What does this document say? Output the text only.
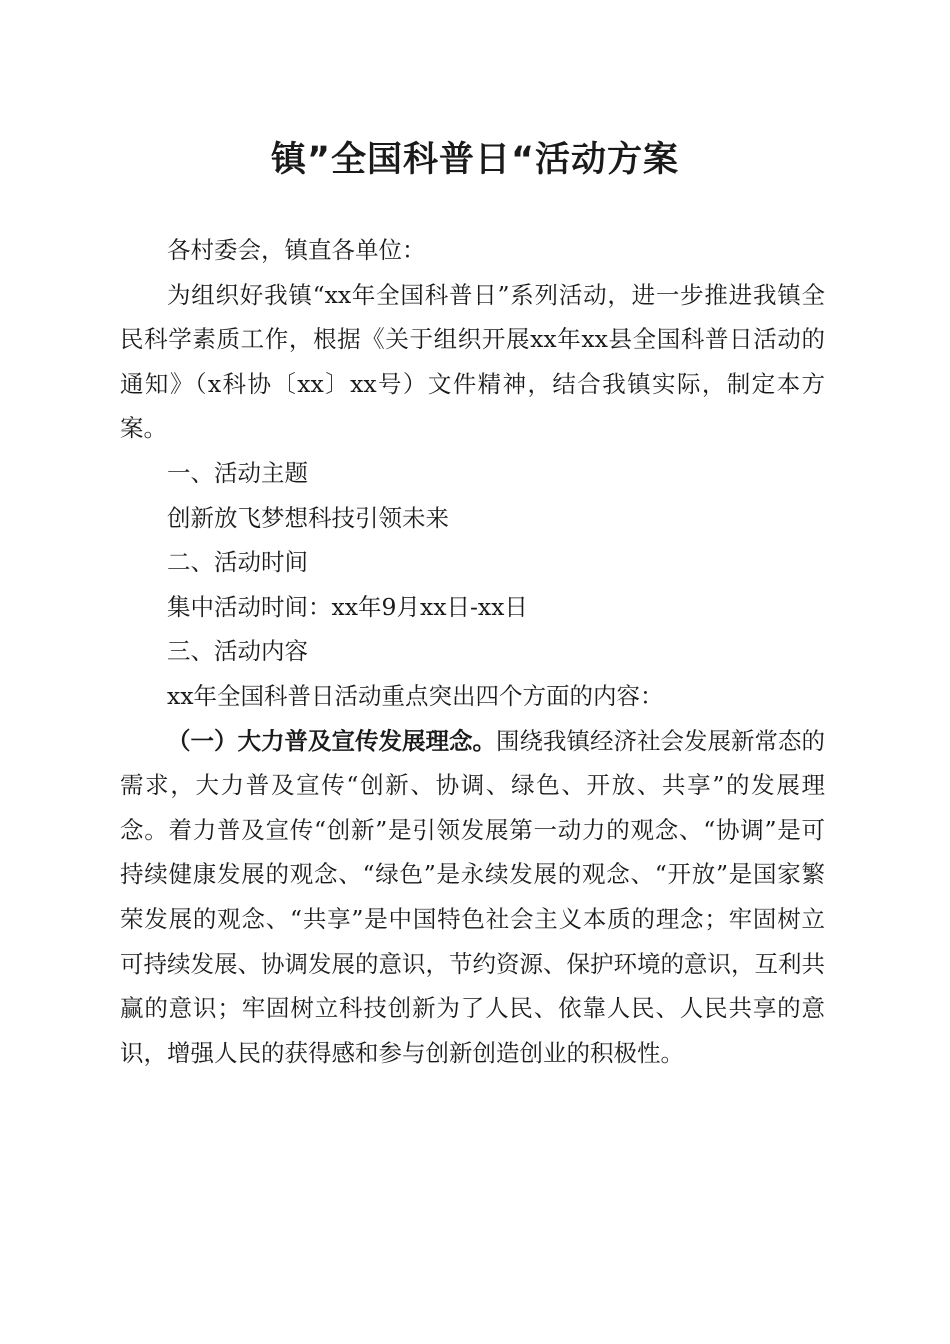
镇”全国科普日“活动方案

各村委会，镇直各单位：

为组织好我镇“xx年全国科普日”系列活动，进一步推进我镇全民科学素质工作，根据《关于组织开展xx年xx县全国科普日活动的通知》（x科协〔xx〕xx号）文件精神，结合我镇实际，制定本方案。

一、活动主题

创新放飞梦想科技引领未来

二、活动时间

集中活动时间：xx年9月xx日-xx日

三、活动内容

xx年全国科普日活动重点突出四个方面的内容：

（一）大力普及宣传发展理念。围绕我镇经济社会发展新常态的需求，大力普及宣传“创新、协调、绿色、开放、共享”的发展理念。着力普及宣传“创新”是引领发展第一动力的观念、“协调”是可持续健康发展的观念、“绿色”是永续发展的观念、“开放”是国家繁荣发展的观念、“共享”是中国特色社会主义本质的理念；牢固树立可持续发展、协调发展的意识，节约资源、保护环境的意识，互利共赢的意识；牢固树立科技创新为了人民、依靠人民、人民共享的意识，增强人民的获得感和参与创新创造创业的积极性。
